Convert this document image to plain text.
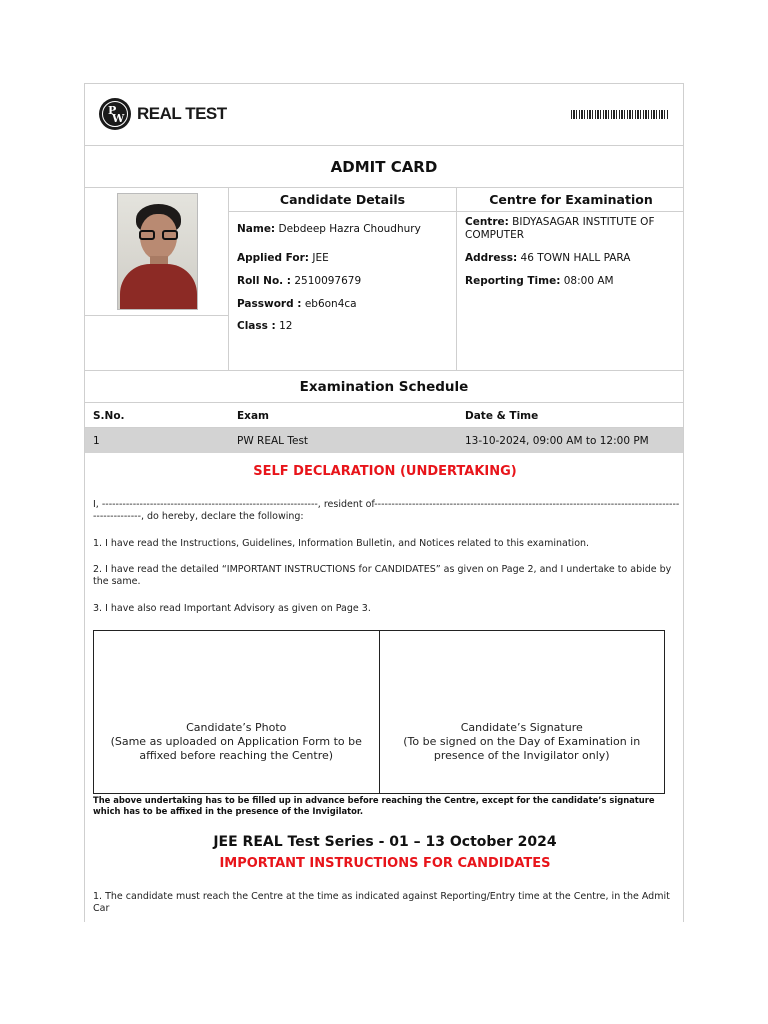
P
W REAL TEST
ADMIT CARD
Candidate Details
Name: Debdeep Hazra Choudhury
Applied For: JEE
Roll No. : 2510097679
Password : eb6on4ca
Class : 12
Centre for Examination
Centre: BIDYASAGAR INSTITUTE OF COMPUTER
Address: 46 TOWN HALL PARA
Reporting Time: 08:00 AM
Examination Schedule
S.No.	Exam	Date & Time
1	PW REAL Test	13-10-2024, 09:00 AM to 12:00 PM
SELF DECLARATION (UNDERTAKING)
I, ---------------------------------------------------------------, resident of-------------------------------------------------------------------------------------------------------, do hereby, declare the following:
1. I have read the Instructions, Guidelines, Information Bulletin, and Notices related to this examination.
2. I have read the detailed “IMPORTANT INSTRUCTIONS for CANDIDATES” as given on Page 2, and I undertake to abide by the same.
3. I have also read Important Advisory as given on Page 3.
Candidate’s Photo
(Same as uploaded on Application Form to be affixed before reaching the Centre)
Candidate’s Signature
(To be signed on the Day of Examination in presence of the Invigilator only)
The above undertaking has to be filled up in advance before reaching the Centre, except for the candidate’s signature which has to be affixed in the presence of the Invigilator.
JEE REAL Test Series - 01 – 13 October 2024
IMPORTANT INSTRUCTIONS FOR CANDIDATES
1. The candidate must reach the Centre at the time as indicated against Reporting/Entry time at the Centre, in the Admit Car
